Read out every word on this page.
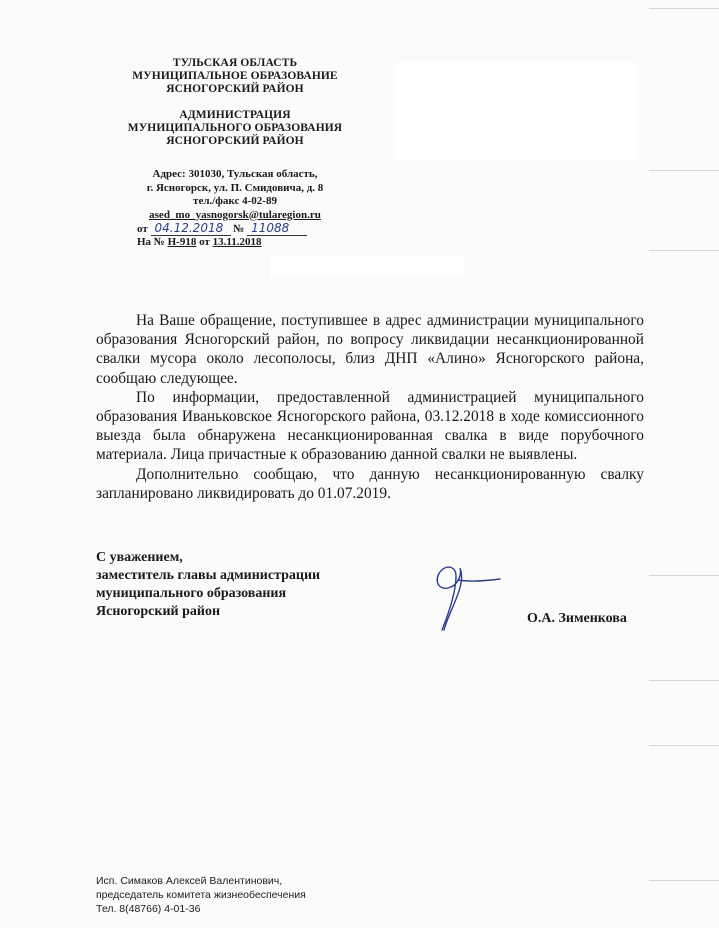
ТУЛЬСКАЯ ОБЛАСТЬ
МУНИЦИПАЛЬНОЕ ОБРАЗОВАНИЕ
ЯСНОГОРСКИЙ РАЙОН
АДМИНИСТРАЦИЯ
МУНИЦИПАЛЬНОГО ОБРАЗОВАНИЯ
ЯСНОГОРСКИЙ РАЙОН
Адрес: 301030, Тульская область,
г. Ясногорск, ул. П. Смидовича, д. 8
тел./факс 4-02-89
ased_mo_yasnogorsk@tularegion.ru
от 04.12.2018 № 11088
На № Н-918 от 13.11.2018

На Ваше обращение, поступившее в адрес администрации муниципального образования Ясногорский район, по вопросу ликвидации несанкционированной свалки мусора около лесополосы, близ ДНП «Алино» Ясногорского района, сообщаю следующее.

По информации, предоставленной администрацией муниципального образования Иваньковское Ясногорского района, 03.12.2018 в ходе комиссионного выезда была обнаружена несанкционированная свалка в виде порубочного материала. Лица причастные к образованию данной свалки не выявлены.

Дополнительно сообщаю, что данную несанкционированную свалку запланировано ликвидировать до 01.07.2019.

С уважением,
заместитель главы администрации
муниципального образования
Ясногорский район	О.А. Зименкова
Исп. Симаков Алексей Валентинович,
председатель комитета жизнеобеспечения
Тел. 8(48766) 4-01-36
